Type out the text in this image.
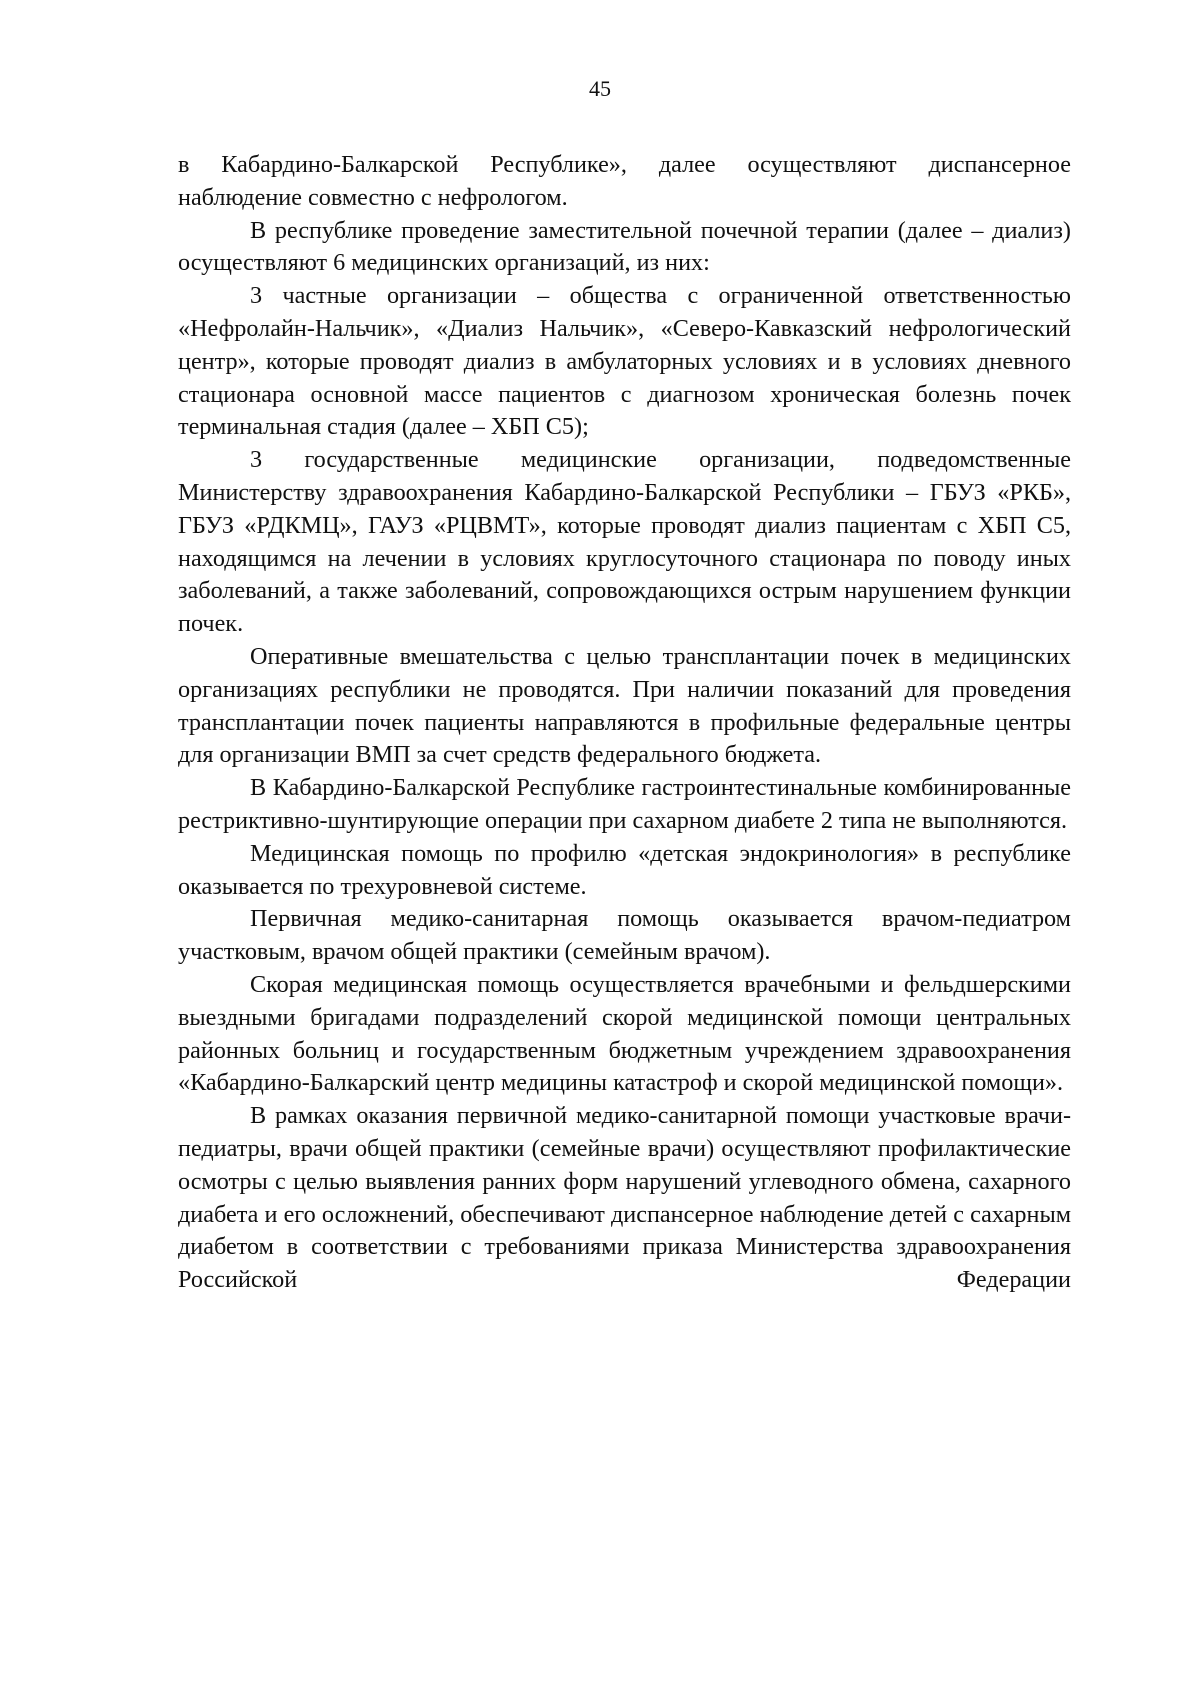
45

в Кабардино-Балкарской Республике», далее осуществляют диспансерное наблюдение совместно с нефрологом.

В республике проведение заместительной почечной терапии (далее – диализ) осуществляют 6 медицинских организаций, из них:

3 частные организации – общества с ограниченной ответственностью «Нефролайн-Нальчик», «Диализ Нальчик», «Северо-Кавказский нефрологический центр», которые проводят диализ в амбулаторных условиях и в условиях дневного стационара основной массе пациентов с диагнозом хроническая болезнь почек терминальная стадия (далее – ХБП С5);

3 государственные медицинские организации, подведомственные Министерству здравоохранения Кабардино-Балкарской Республики – ГБУЗ «РКБ», ГБУЗ «РДКМЦ», ГАУЗ «РЦВМТ», которые проводят диализ пациентам с ХБП С5, находящимся на лечении в условиях круглосуточного стационара по поводу иных заболеваний, а также заболеваний, сопровождающихся острым нарушением функции почек.

Оперативные вмешательства с целью трансплантации почек в медицинских организациях республики не проводятся. При наличии показаний для проведения трансплантации почек пациенты направляются в профильные федеральные центры для организации ВМП за счет средств федерального бюджета.

В Кабардино-Балкарской Республике гастроинтестинальные комбинированные рестриктивно-шунтирующие операции при сахарном диабете 2 типа не выполняются.

Медицинская помощь по профилю «детская эндокринология» в республике оказывается по трехуровневой системе.

Первичная медико-санитарная помощь оказывается врачом-педиатром участковым, врачом общей практики (семейным врачом).

Скорая медицинская помощь осуществляется врачебными и фельдшерскими выездными бригадами подразделений скорой медицинской помощи центральных районных больниц и государственным бюджетным учреждением здравоохранения «Кабардино-Балкарский центр медицины катастроф и скорой медицинской помощи».

В рамках оказания первичной медико-санитарной помощи участковые врачи-педиатры, врачи общей практики (семейные врачи) осуществляют профилактические осмотры с целью выявления ранних форм нарушений углеводного обмена, сахарного диабета и его осложнений, обеспечивают диспансерное наблюдение детей с сахарным диабетом в соответствии с требованиями приказа Министерства здравоохранения Российской Федерации
